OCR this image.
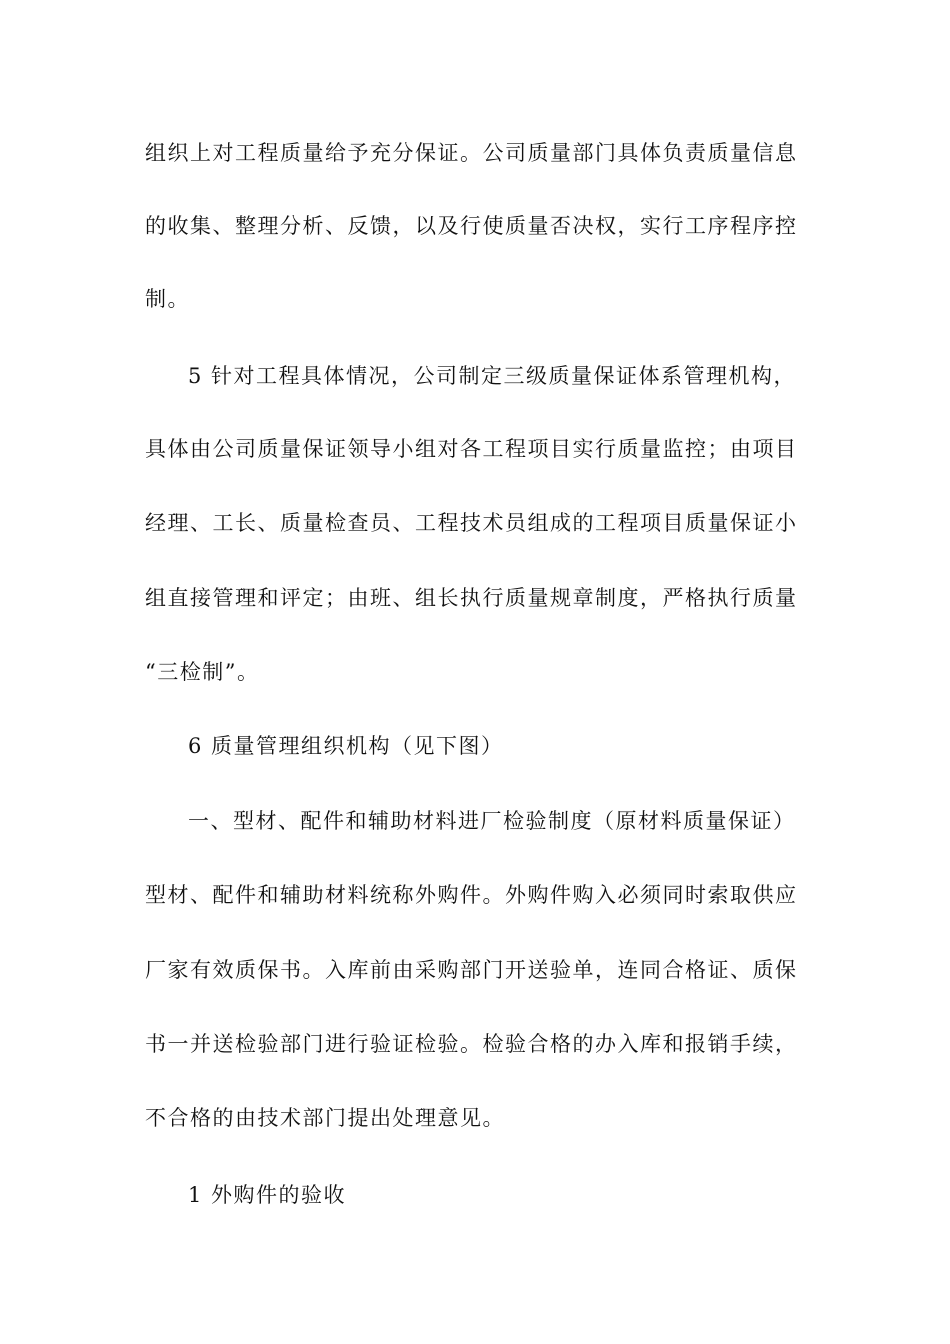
组织上对工程质量给予充分保证。公司质量部门具体负责质量信息
的收集、整理分析、反馈，以及行使质量否决权，实行工序程序控
制。
5 针对工程具体情况，公司制定三级质量保证体系管理机构，
具体由公司质量保证领导小组对各工程项目实行质量监控；由项目
经理、工长、质量检查员、工程技术员组成的工程项目质量保证小
组直接管理和评定；由班、组长执行质量规章制度，严格执行质量
“三检制”。
6 质量管理组织机构（见下图）
一、型材、配件和辅助材料进厂检验制度（原材料质量保证）
型材、配件和辅助材料统称外购件。外购件购入必须同时索取供应
厂家有效质保书。入库前由采购部门开送验单，连同合格证、质保
书一并送检验部门进行验证检验。检验合格的办入库和报销手续，
不合格的由技术部门提出处理意见。
1 外购件的验收
